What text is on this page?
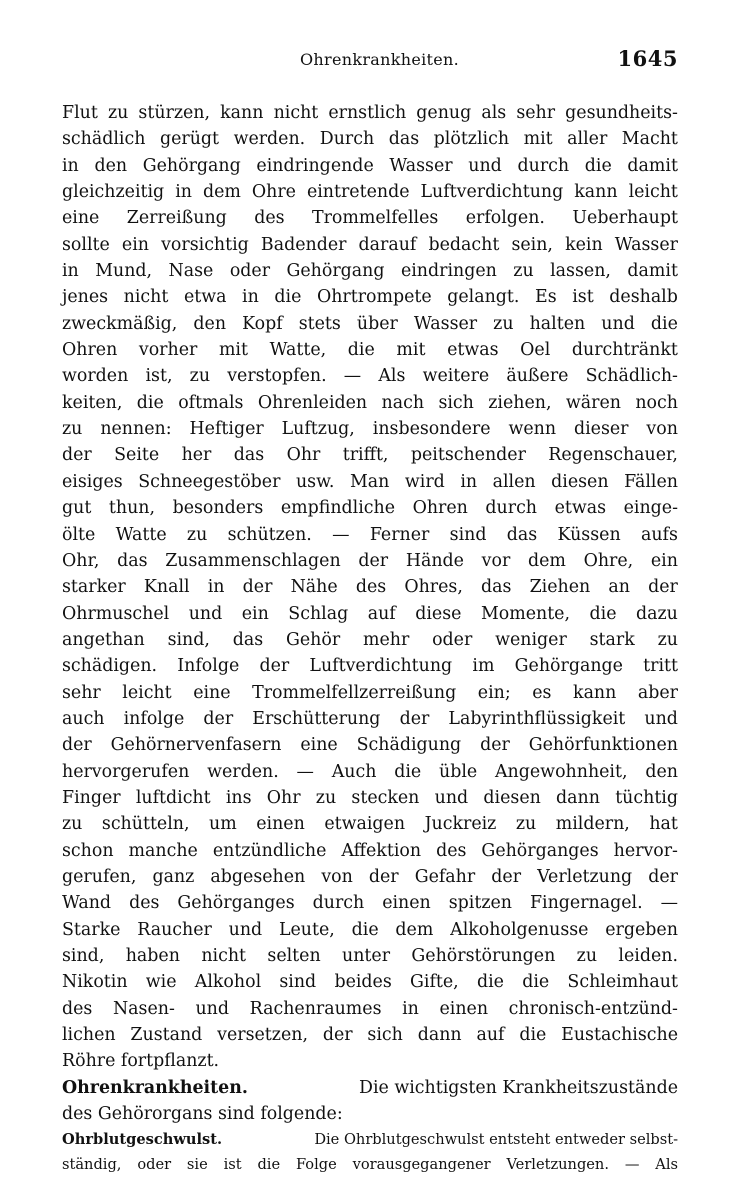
Ohrenkrankheiten.	1645
Flut zu stürzen, kann nicht ernstlich genug als sehr gesundheits-
schädlich gerügt werden. Durch das plötzlich mit aller Macht
in den Gehörgang eindringende Wasser und durch die damit
gleichzeitig in dem Ohre eintretende Luftverdichtung kann leicht
eine Zerreißung des Trommelfelles erfolgen. Ueberhaupt
sollte ein vorsichtig Badender darauf bedacht sein, kein Wasser
in Mund, Nase oder Gehörgang eindringen zu lassen, damit
jenes nicht etwa in die Ohrtrompete gelangt. Es ist deshalb
zweckmäßig, den Kopf stets über Wasser zu halten und die
Ohren vorher mit Watte, die mit etwas Oel durchtränkt
worden ist, zu verstopfen. — Als weitere äußere Schädlich-
keiten, die oftmals Ohrenleiden nach sich ziehen, wären noch
zu nennen: Heftiger Luftzug, insbesondere wenn dieser von
der Seite her das Ohr trifft, peitschender Regenschauer,
eisiges Schneegestöber usw. Man wird in allen diesen Fällen
gut thun, besonders empfindliche Ohren durch etwas einge-
ölte Watte zu schützen. — Ferner sind das Küssen aufs
Ohr, das Zusammenschlagen der Hände vor dem Ohre, ein
starker Knall in der Nähe des Ohres, das Ziehen an der
Ohrmuschel und ein Schlag auf diese Momente, die dazu
angethan sind, das Gehör mehr oder weniger stark zu
schädigen. Infolge der Luftverdichtung im Gehörgange tritt
sehr leicht eine Trommelfellzerreißung ein; es kann aber
auch infolge der Erschütterung der Labyrinthflüssigkeit und
der Gehörnervenfasern eine Schädigung der Gehörfunktionen
hervorgerufen werden. — Auch die üble Angewohnheit, den
Finger luftdicht ins Ohr zu stecken und diesen dann tüchtig
zu schütteln, um einen etwaigen Juckreiz zu mildern, hat
schon manche entzündliche Affektion des Gehörganges hervor-
gerufen, ganz abgesehen von der Gefahr der Verletzung der
Wand des Gehörganges durch einen spitzen Fingernagel. —
Starke Raucher und Leute, die dem Alkoholgenusse ergeben
sind, haben nicht selten unter Gehörstörungen zu leiden.
Nikotin wie Alkohol sind beides Gifte, die die Schleimhaut
des Nasen- und Rachenraumes in einen chronisch-entzünd-
lichen Zustand versetzen, der sich dann auf die Eustachische
Röhre fortpflanzt.
Ohrenkrankheiten.	Die wichtigsten Krankheitszustände
des Gehörorgans sind folgende:
Ohrblutgeschwulst.	Die Ohrblutgeschwulst entsteht entweder selbst-
ständig, oder sie ist die Folge vorausgegangener Verletzungen. — Als
